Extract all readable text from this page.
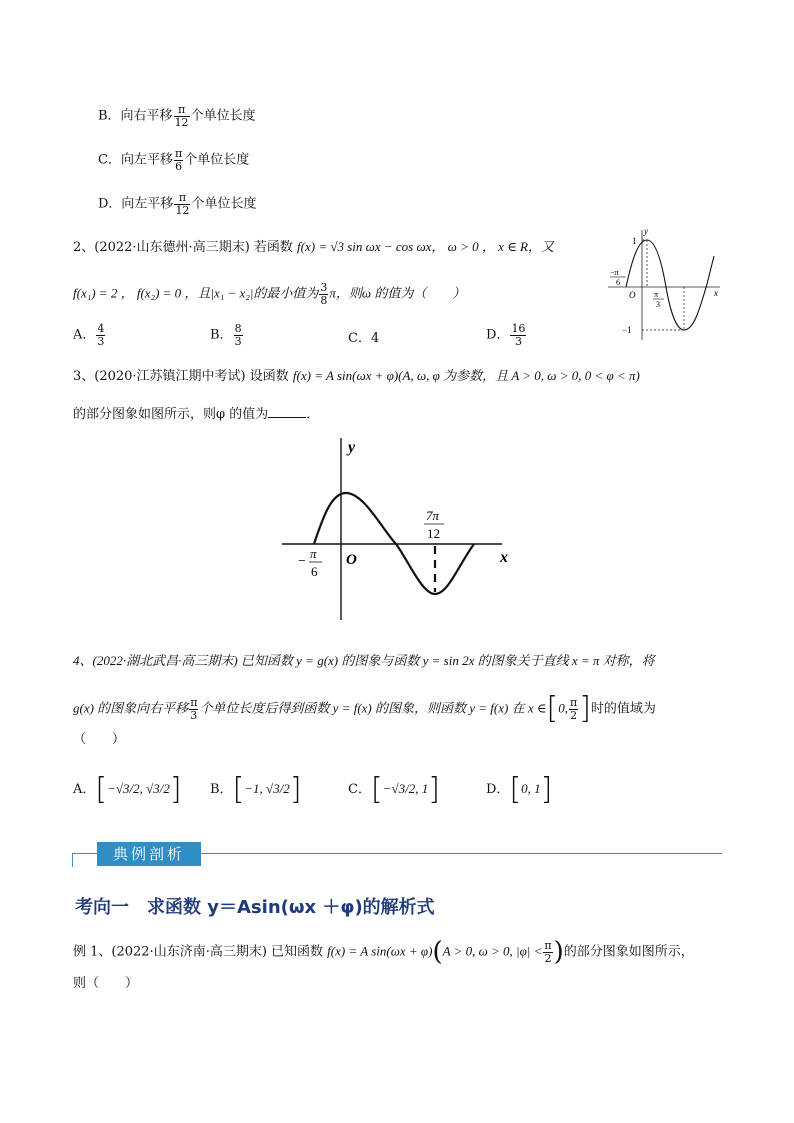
B．向右平移 $\frac{\pi}{12}$ 个单位长度
C．向左平移 $\frac{\pi}{6}$ 个单位长度
D．向左平移 $\frac{\pi}{12}$ 个单位长度
2、(2022·山东德州·高三期末) 若函数 f(x) = √3 sin ωx − cos ωx， ω > 0 ， x ∈ R，又
f(x₁) = 2 ， f(x₂) = 0 ，且|x₁ − x₂|的最小值为 $\frac{3}{8}$ π，则ω 的值为（　　）
A． $\frac{4}{3}$	B． $\frac{8}{3}$	C．4	D． $\frac{16}{3}$
y
x
1
−1
O
−π
6
π
3
3、(2020·江苏镇江期中考试) 设函数 f(x) = A sin(ωx + φ)(A, ω, φ 为参数，且 A > 0, ω > 0, 0 < φ < π)
的部分图象如图所示，则φ 的值为	．
y
x
O
−
π
6
7π
12
4、(2022·湖北武昌·高三期末) 已知函数 y = g(x) 的图象与函数 y = sin 2x 的图象关于直线 x = π 对称，将
g(x) 的图象向右平移 $\frac{\pi}{3}$ 个单位长度后得到函数 y = f(x) 的图象，则函数 y = f(x) 在 x ∈[0, $\frac{\pi}{2}$ ]时的值域为
（　　）
A．[−√3/2, √3/2] B．[−1, √3/2]	C．[−√3/2, 1]	D．[0, 1]
典例剖析
考向一　求函数 y＝Asin(ωx ＋φ)的解析式
例 1、(2022·山东济南·高三期末) 已知函数 f(x) = A sin(ωx + φ)(A > 0, ω > 0, $|\varphi| < \frac{\pi}{2}$ )的部分图象如图所示，
则（　　）
